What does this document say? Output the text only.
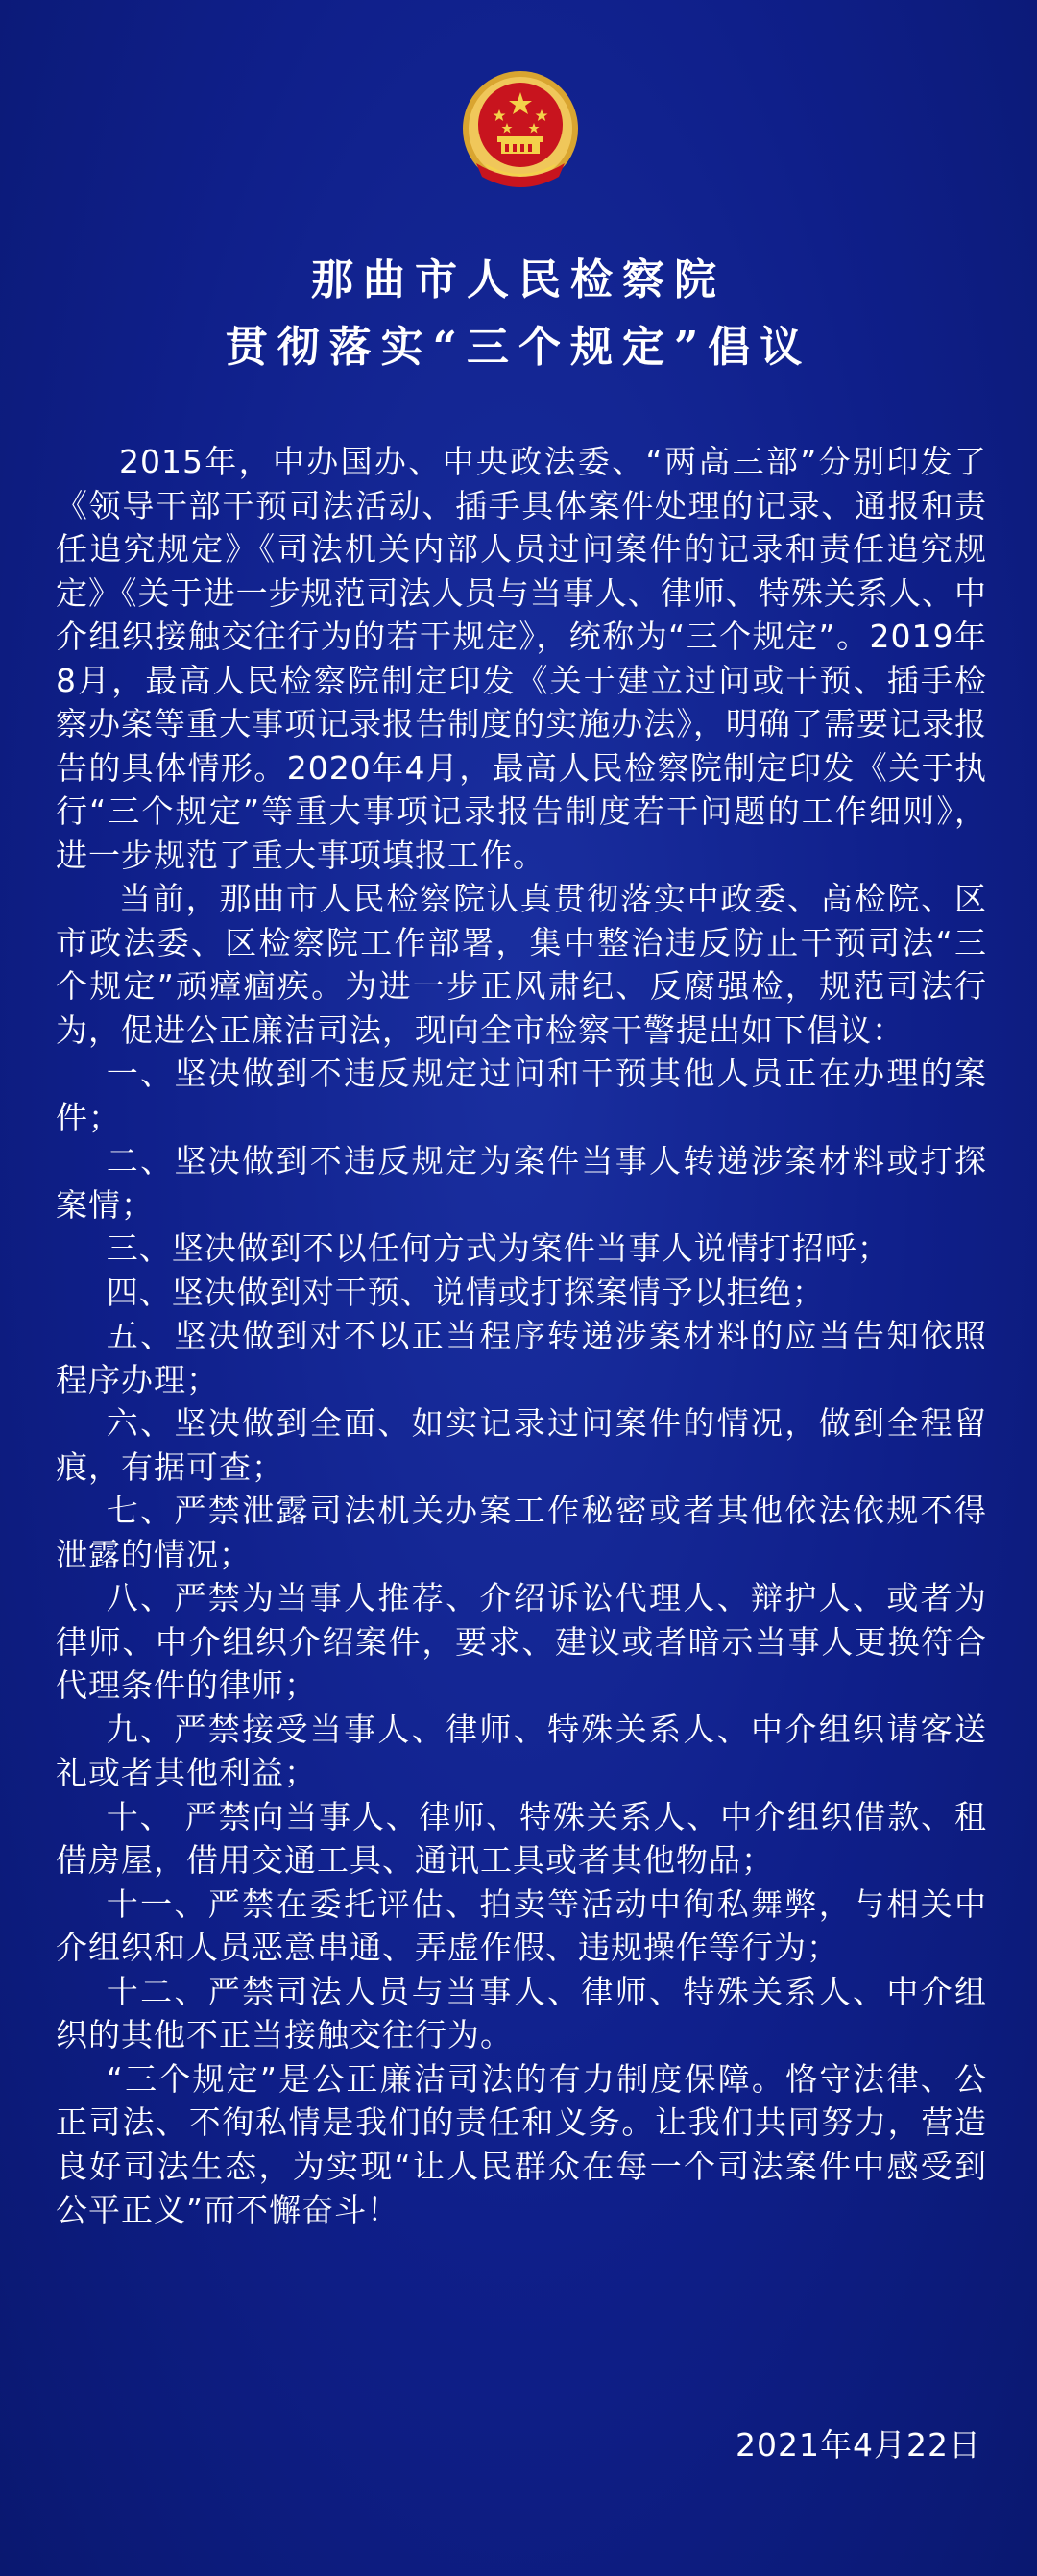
那曲市人民检察院
贯彻落实“三个规定”倡议

2015年，中办国办、中央政法委、“两高三部”分别印发了《领导干部干预司法活动、插手具体案件处理的记录、通报和责任追究规定》《司法机关内部人员过问案件的记录和责任追究规定》《关于进一步规范司法人员与当事人、律师、特殊关系人、中介组织接触交往行为的若干规定》，统称为“三个规定”。2019年8月，最高人民检察院制定印发《关于建立过问或干预、插手检察办案等重大事项记录报告制度的实施办法》，明确了需要记录报告的具体情形。2020年4月，最高人民检察院制定印发《关于执行“三个规定”等重大事项记录报告制度若干问题的工作细则》，进一步规范了重大事项填报工作。

当前，那曲市人民检察院认真贯彻落实中政委、高检院、区市政法委、区检察院工作部署，集中整治违反防止干预司法“三个规定”顽瘴痼疾。为进一步正风肃纪、反腐强检，规范司法行为，促进公正廉洁司法，现向全市检察干警提出如下倡议：

一、坚决做到不违反规定过问和干预其他人员正在办理的案件；

二、坚决做到不违反规定为案件当事人转递涉案材料或打探案情；

三、坚决做到不以任何方式为案件当事人说情打招呼；

四、坚决做到对干预、说情或打探案情予以拒绝；

五、坚决做到对不以正当程序转递涉案材料的应当告知依照程序办理；

六、坚决做到全面、如实记录过问案件的情况，做到全程留痕，有据可查；

七、严禁泄露司法机关办案工作秘密或者其他依法依规不得泄露的情况；

八、严禁为当事人推荐、介绍诉讼代理人、辩护人、或者为律师、中介组织介绍案件，要求、建议或者暗示当事人更换符合代理条件的律师；

九、严禁接受当事人、律师、特殊关系人、中介组织请客送礼或者其他利益；

十、 严禁向当事人、律师、特殊关系人、中介组织借款、租借房屋，借用交通工具、通讯工具或者其他物品；

十一、严禁在委托评估、拍卖等活动中徇私舞弊，与相关中介组织和人员恶意串通、弄虚作假、违规操作等行为；

十二、严禁司法人员与当事人、律师、特殊关系人、中介组织的其他不正当接触交往行为。

“三个规定”是公正廉洁司法的有力制度保障。恪守法律、公正司法、不徇私情是我们的责任和义务。让我们共同努力，营造良好司法生态，为实现“让人民群众在每一个司法案件中感受到公平正义”而不懈奋斗！

2021年4月22日
